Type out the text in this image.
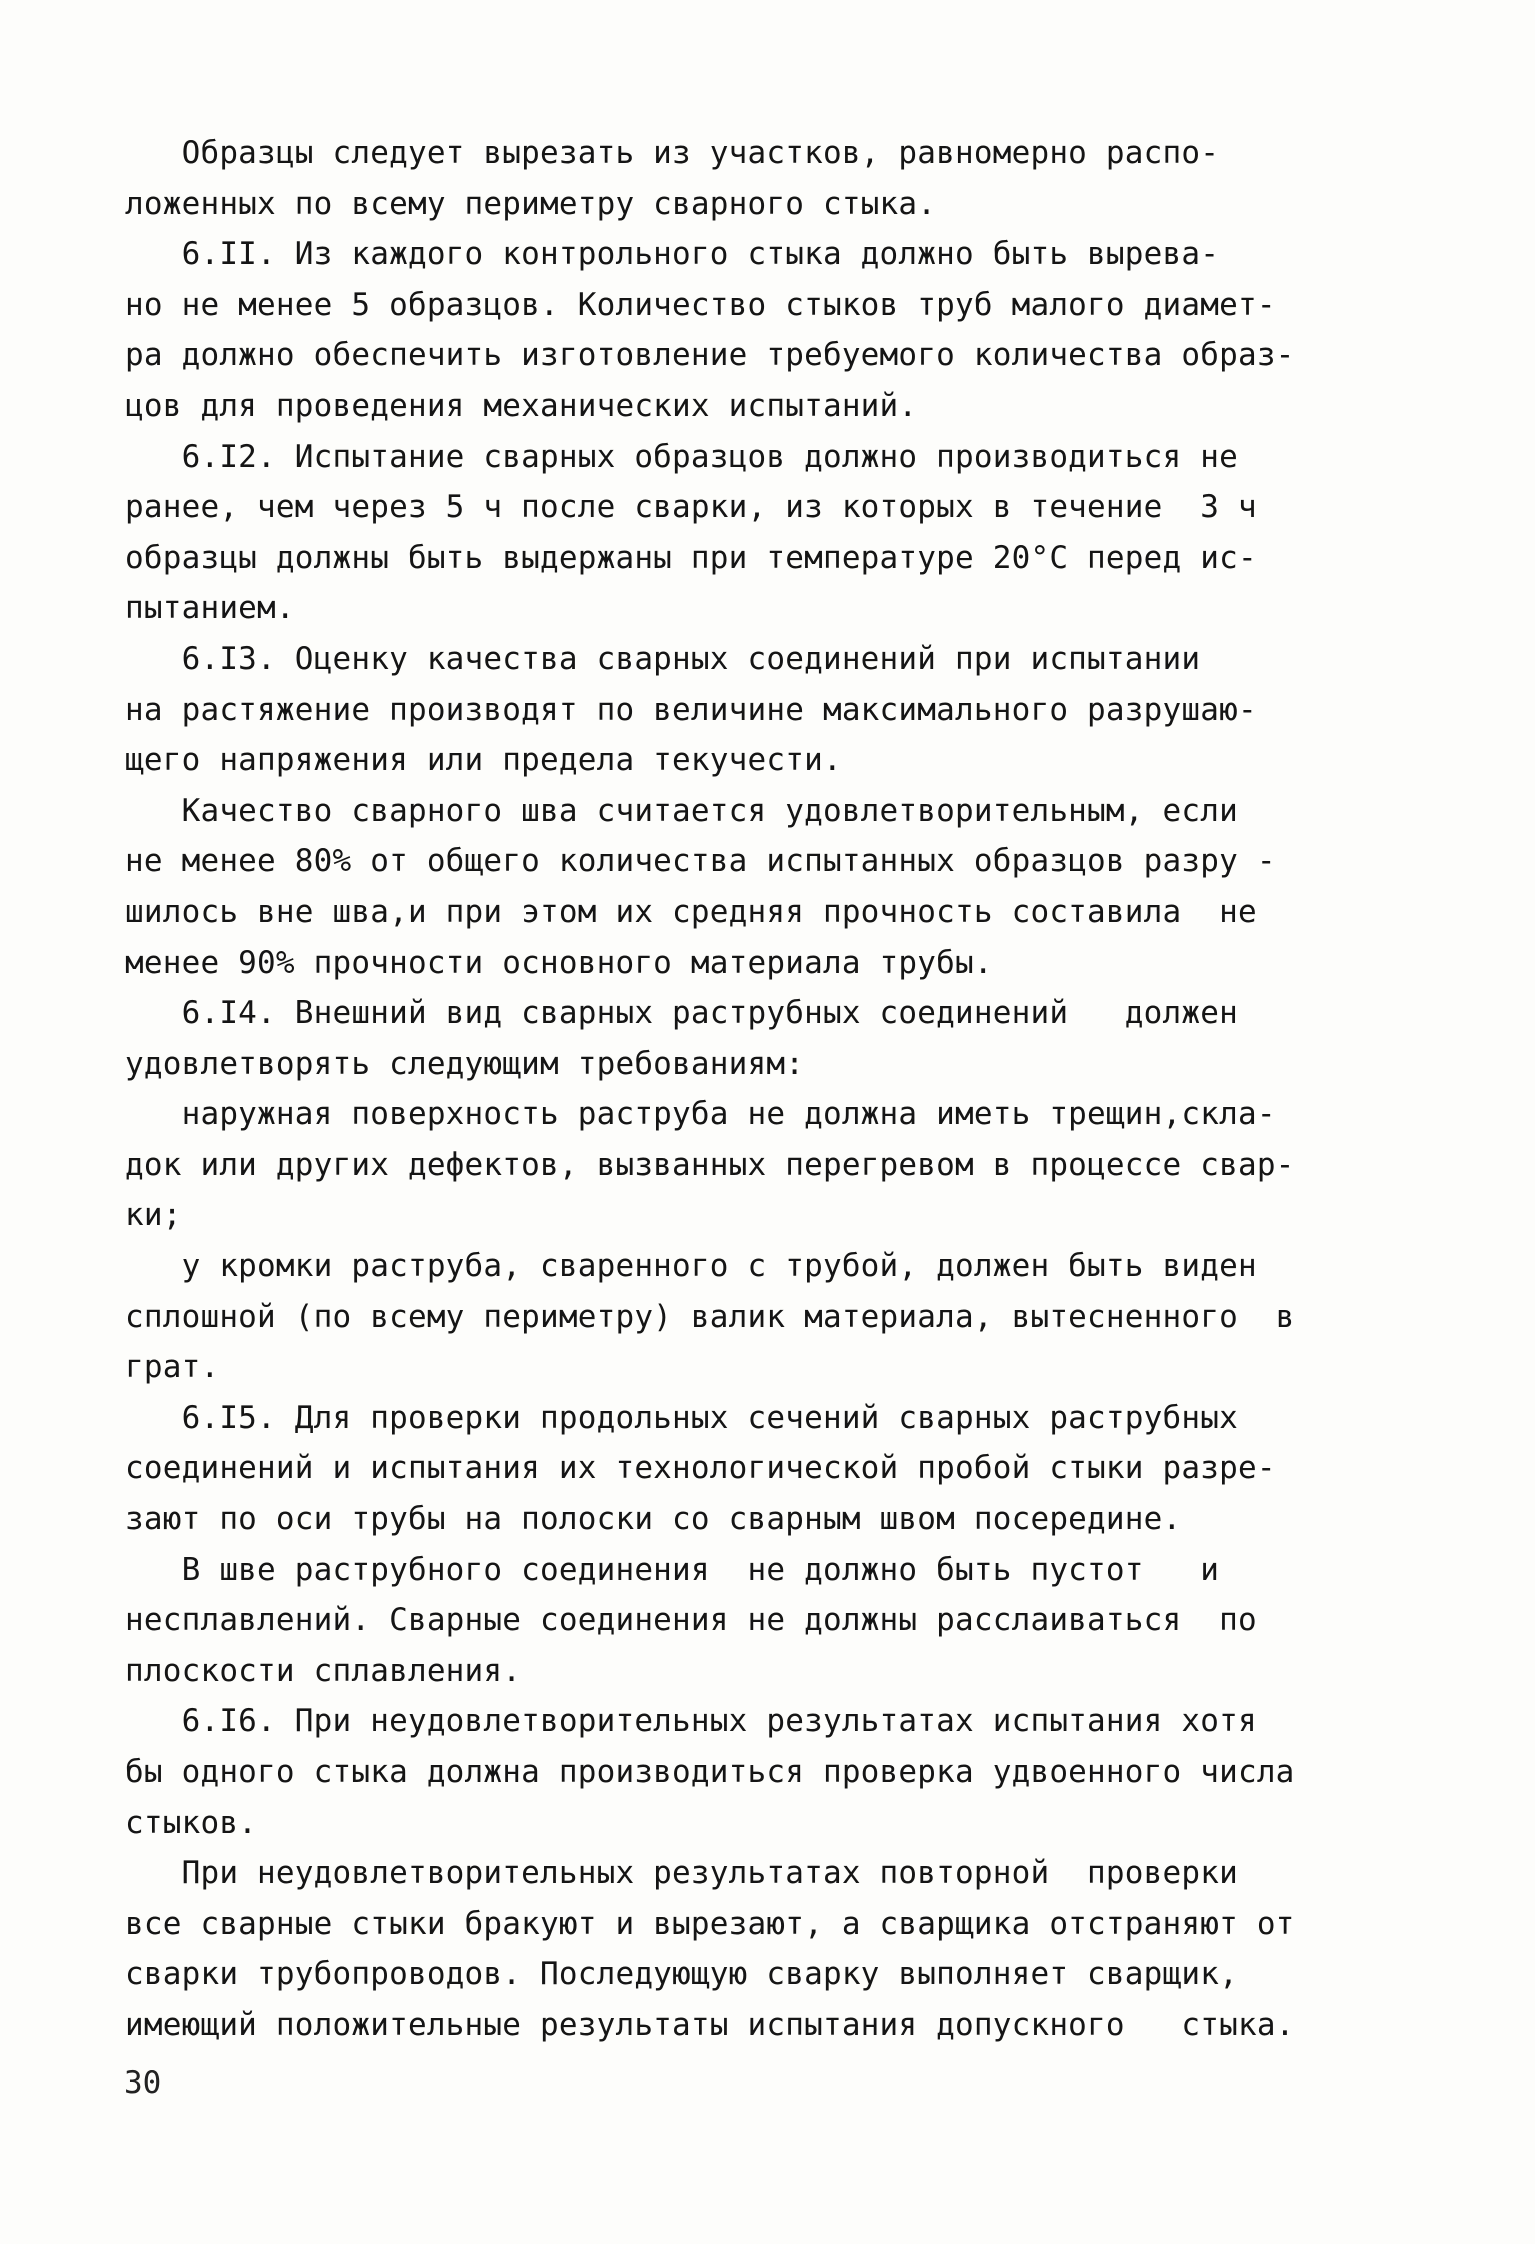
Образцы следует вырезать из участков, равномерно распо-
ложенных по всему периметру сварного стыка.
6.II. Из каждого контрольного стыка должно быть вырева-
но не менее 5 образцов. Количество стыков труб малого диамет-
ра должно обеспечить изготовление требуемого количества образ-
цов для проведения механических испытаний.
6.I2. Испытание сварных образцов должно производиться не
ранее, чем через 5 ч после сварки, из которых в течение  3 ч
образцы должны быть выдержаны при температуре 20°C перед ис-
пытанием.
6.I3. Оценку качества сварных соединений при испытании
на растяжение производят по величине максимального разрушаю-
щего напряжения или предела текучести.
Качество сварного шва считается удовлетворительным, если
не менее 80% от общего количества испытанных образцов разру -
шилось вне шва,и при этом их средняя прочность составила  не
менее 90% прочности основного материала трубы.
6.I4. Внешний вид сварных раструбных соединений   должен
удовлетворять следующим требованиям:
наружная поверхность раструба не должна иметь трещин,скла-
док или других дефектов, вызванных перегревом в процессе свар-
ки;
у кромки раструба, сваренного с трубой, должен быть виден
сплошной (по всему периметру) валик материала, вытесненного  в
грат.
6.I5. Для проверки продольных сечений сварных раструбных
соединений и испытания их технологической пробой стыки разре-
зают по оси трубы на полоски со сварным швом посередине.
В шве раструбного соединения  не должно быть пустот   и
несплавлений. Сварные соединения не должны расслаиваться  по
плоскости сплавления.
6.I6. При неудовлетворительных результатах испытания хотя
бы одного стыка должна производиться проверка удвоенного числа
стыков.
При неудовлетворительных результатах повторной  проверки
все сварные стыки бракуют и вырезают, а сварщика отстраняют от
сварки трубопроводов. Последующую сварку выполняет сварщик,
имеющий положительные результаты испытания допускного   стыка.
30
